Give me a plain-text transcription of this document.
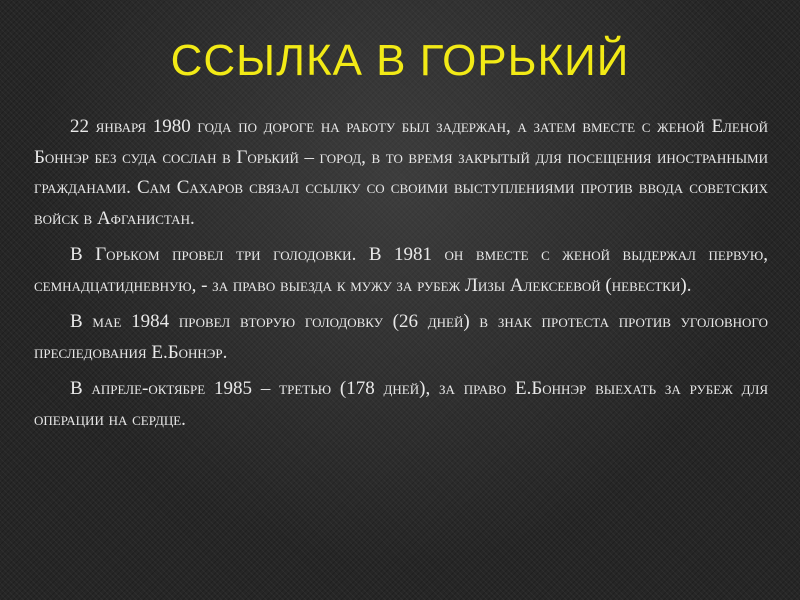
ССЫЛКА В ГОРЬКИЙ

22 января 1980 года по дороге на работу был задержан, а затем вместе с женой Еленой Боннэр без суда сослан в Горький – город, в то время закрытый для посещения иностранными гражданами. Сам Сахаров связал ссылку со своими выступлениями против ввода советских войск в Афганистан.

В Горьком провел три голодовки. В 1981 он вместе с женой выдержал первую, семнадцатидневную, - за право выезда к мужу за рубеж Лизы Алексеевой (невестки).

В мае 1984 провел вторую голодовку (26 дней) в знак протеста против уголовного преследования Е.Боннэр.

В апреле-октябре 1985 – третью (178 дней), за право Е.Боннэр выехать за рубеж для операции на сердце.
